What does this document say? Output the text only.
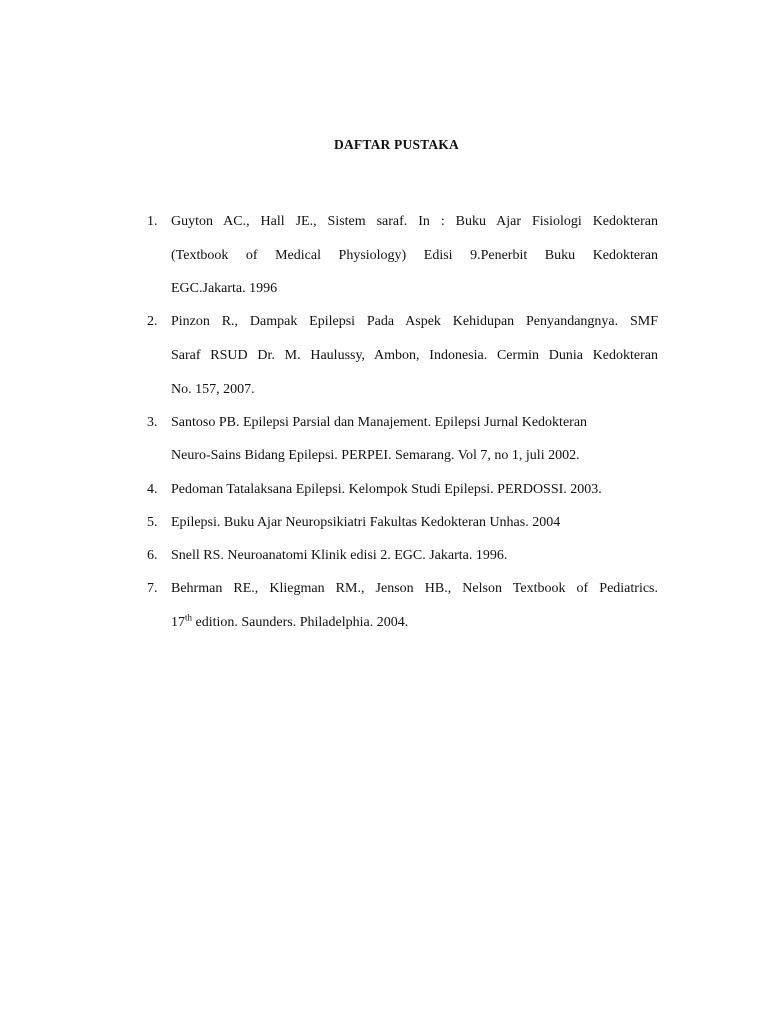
DAFTAR PUSTAKA
1. Guyton AC., Hall JE., Sistem saraf. In : Buku Ajar Fisiologi Kedokteran
(Textbook of Medical Physiology) Edisi 9.Penerbit Buku Kedokteran
EGC.Jakarta. 1996
2. Pinzon R., Dampak Epilepsi Pada Aspek Kehidupan Penyandangnya. SMF
Saraf RSUD Dr. M. Haulussy, Ambon, Indonesia. Cermin Dunia Kedokteran
No. 157, 2007.
3. Santoso PB. Epilepsi Parsial dan Manajement. Epilepsi Jurnal Kedokteran
Neuro-Sains Bidang Epilepsi. PERPEI. Semarang. Vol 7, no 1, juli 2002.
4. Pedoman Tatalaksana Epilepsi. Kelompok Studi Epilepsi. PERDOSSI. 2003.
5. Epilepsi. Buku Ajar Neuropsikiatri Fakultas Kedokteran Unhas. 2004
6. Snell RS. Neuroanatomi Klinik edisi 2. EGC. Jakarta. 1996.
7. Behrman RE., Kliegman RM., Jenson HB., Nelson Textbook of Pediatrics.
17th edition. Saunders. Philadelphia. 2004.
